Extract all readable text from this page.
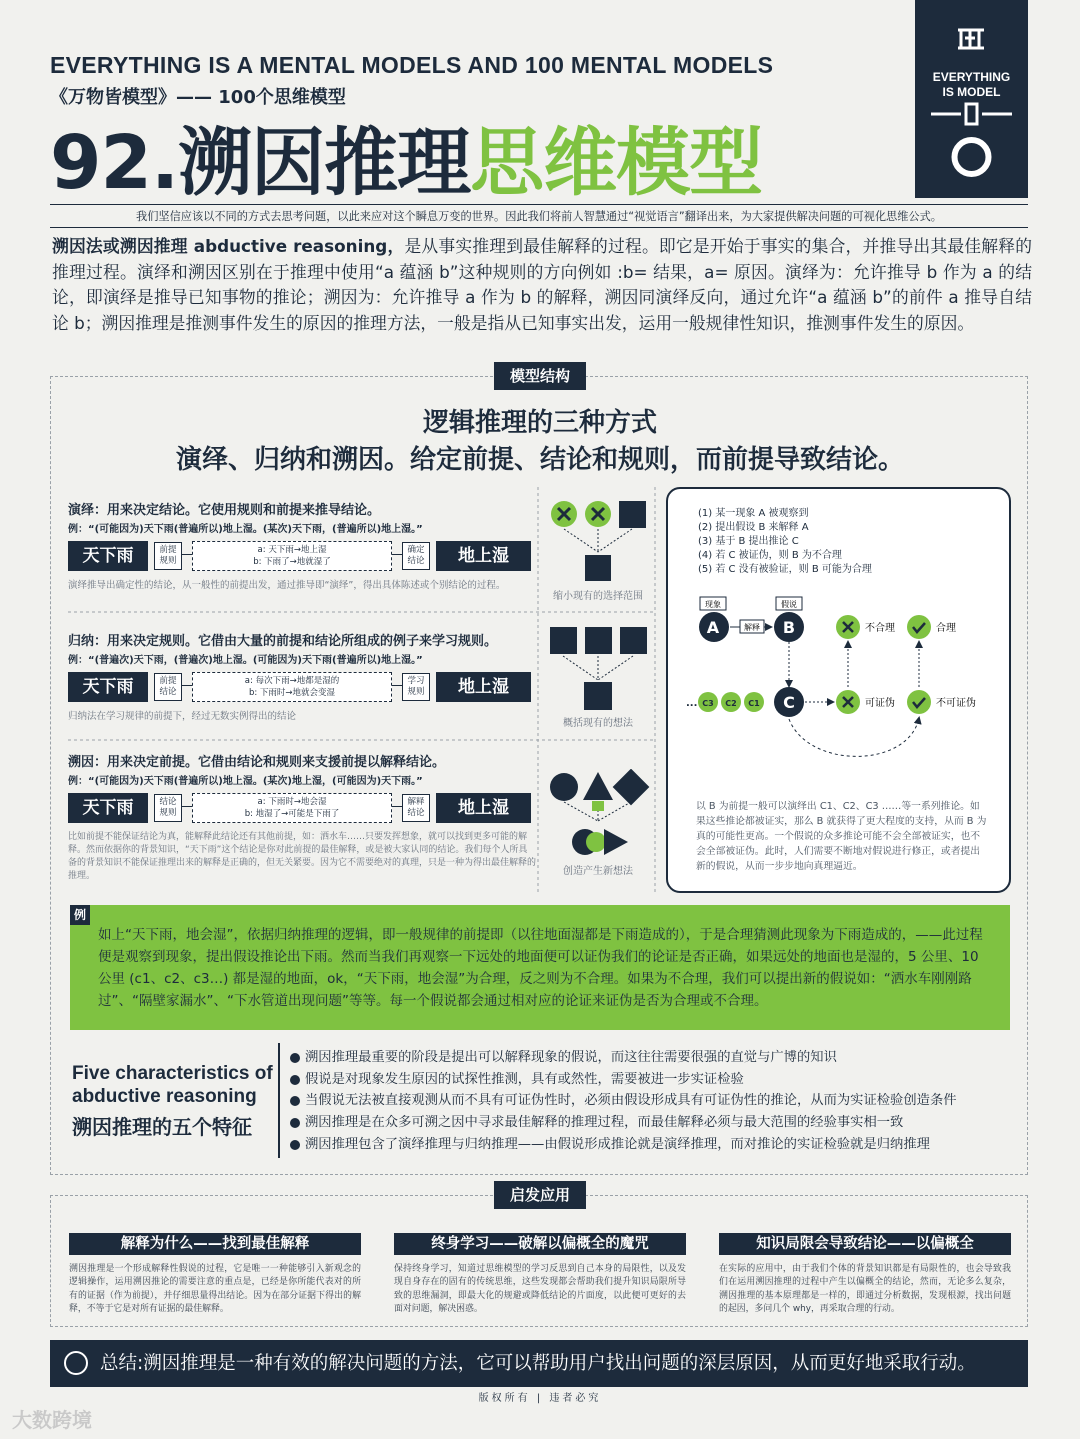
EVERYTHING IS A MENTAL MODELS AND 100 MENTAL MODELS
《万物皆模型》—— 100个思维模型
92.溯因推理思维模型
EVERYTHING
IS MODEL
我们坚信应该以不同的方式去思考问题，以此来应对这个瞬息万变的世界。因此我们将前人智慧通过“视觉语言”翻译出来，为大家提供解决问题的可视化思维公式。
溯因法或溯因推理 abductive reasoning，是从事实推理到最佳解释的过程。即它是开始于事实的集合，并推导出其最佳解释的推理过程。演绎和溯因区别在于推理中使用“a 蕴涵 b”这种规则的方向例如 :b= 结果，a= 原因。演绎为：允许推导 b 作为 a 的结论，即演绎是推导已知事物的推论；溯因为：允许推导 a 作为 b 的解释，溯因同演绎反向，通过允许“a 蕴涵 b”的前件 a 推导自结论 b；溯因推理是推测事件发生的原因的推理方法，一般是指从已知事实出发，运用一般规律性知识，推测事件发生的原因。
模型结构
逻辑推理的三种方式
演绎、归纳和溯因。给定前提、结论和规则，而前提导致结论。
演绎：用来决定结论。它使用规则和前提来推导结论。
例：“(可能因为)天下雨(普遍所以)地上湿。(某次)天下雨，(普遍所以)地上湿。”
天下雨	前提
规则
a: 天下雨→地上湿
b: 下雨了→地就湿了
确定
结论	地上湿
演绎推导出确定性的结论，从一般性的前提出发，通过推导即“演绎”，得出具体陈述或个别结论的过程。
归纳：用来决定规则。它借由大量的前提和结论所组成的例子来学习规则。
例：“(普遍次)天下雨，(普遍次)地上湿。(可能因为)天下雨(普遍所以)地上湿。”
天下雨	前提
结论
a: 每次下雨→地都是湿的
b: 下雨时→地就会变湿
学习
规则	地上湿
归纳法在学习规律的前提下，经过无数实例得出的结论
溯因：用来决定前提。它借由结论和规则来支援前提以解释结论。
例：“(可能因为)天下雨(普遍所以)地上湿。(某次)地上湿，(可能因为)天下雨。”
天下雨	结论
规则
a: 下雨时→地会湿
b: 地湿了→可能是下雨了
解释
结论	地上湿
比如前提不能保证结论为真，能解释此结论还有其他前提，如：洒水车……只要发挥想象，就可以找到更多可能的解释。然而依据你的背景知识，“天下雨”这个结论是你对此前提的最佳解释，或是被大家认同的结论。我们每个人所具备的背景知识不能保证推理出来的解释是正确的，但无关紧要。因为它不需要绝对的真理，只是一种为得出最佳解释的推理。
缩小现有的选择范围
概括现有的想法
创造产生新想法
(1) 某一现象 A 被观察到
(2) 提出假设 B 来解释 A
(3) 基于 B 提出推论 C
(4) 若 C 被证伪，则 B 为不合理
(5) 若 C 没有被验证，则 B 可能为合理
A	B
C
C3 C2 C1
...
现象	假说
解释	不合理	合理
可证伪	不可证伪
以 B 为前提一般可以演绎出 C1、C2、C3 ……等一系列推论。如果这些推论都被证实，那么 B 就获得了更大程度的支持，从而 B 为真的可能性更高。一个假说的众多推论可能不会全部被证实，也不会全部被证伪。此时，人们需要不断地对假说进行修正，或者提出新的假说，从而一步步地向真理逼近。
例
如上“天下雨，地会湿”，依据归纳推理的逻辑，即一般规律的前提即（以往地面湿都是下雨造成的），于是合理猜测此现象为下雨造成的，——此过程便是观察到现象，提出假设推论出下雨。然而当我们再观察一下远处的地面便可以证伪我们的论证是否正确，如果远处的地面也是湿的，5 公里、10 公里 (c1、c2、c3…) 都是湿的地面，ok，“天下雨，地会湿”为合理，反之则为不合理。如果为不合理，我们可以提出新的假说如：“洒水车刚刚路过”、“隔壁家漏水”、“下水管道出现问题”等等。每一个假说都会通过相对应的论证来证伪是否为合理或不合理。
Five characteristics of
abductive reasoning
溯因推理的五个特征
溯因推理最重要的阶段是提出可以解释现象的假说，而这往往需要很强的直觉与广博的知识
假说是对现象发生原因的试探性推测，具有或然性，需要被进一步实证检验
当假说无法被直接观测从而不具有可证伪性时，必须由假设形成具有可证伪性的推论，从而为实证检验创造条件
溯因推理是在众多可溯之因中寻求最佳解释的推理过程，而最佳解释必须与最大范围的经验事实相一致
溯因推理包含了演绎推理与归纳推理——由假说形成推论就是演绎推理，而对推论的实证检验就是归纳推理
启发应用
解释为什么——找到最佳解释
溯因推理是一个形成解释性假说的过程，它是唯一一种能够引入新观念的逻辑操作，运用溯因推论的需要注意的重点是，已经是你所能代表对的所有的证据（作为前提），并仔细思量得出结论。因为在部分证据下得出的解释，不等于它是对所有证据的最佳解释。
终身学习——破解以偏概全的魔咒
保持终身学习，知道过思维模型的学习反思到自己本身的局限性，以及发现自身存在的固有的传统思维，这些发现都会帮助我们提升知识局限所导致的思维漏洞，即最大化的规避或降低结论的片面度，以此便可更好的去面对问题，解决困惑。
知识局限会导致结论——以偏概全
在实际的应用中，由于我们个体的背景知识都是有局限性的，也会导致我们在运用溯因推理的过程中产生以偏概全的结论，然而，无论多么复杂，溯因推理的基本原理都是一样的，即通过分析数据，发现根源，找出问题的起因，多问几个 why，再采取合理的行动。
总结:溯因推理是一种有效的解决问题的方法，它可以帮助用户找出问题的深层原因，从而更好地采取行动。
版权所有 | 违者必究
大数跨境
